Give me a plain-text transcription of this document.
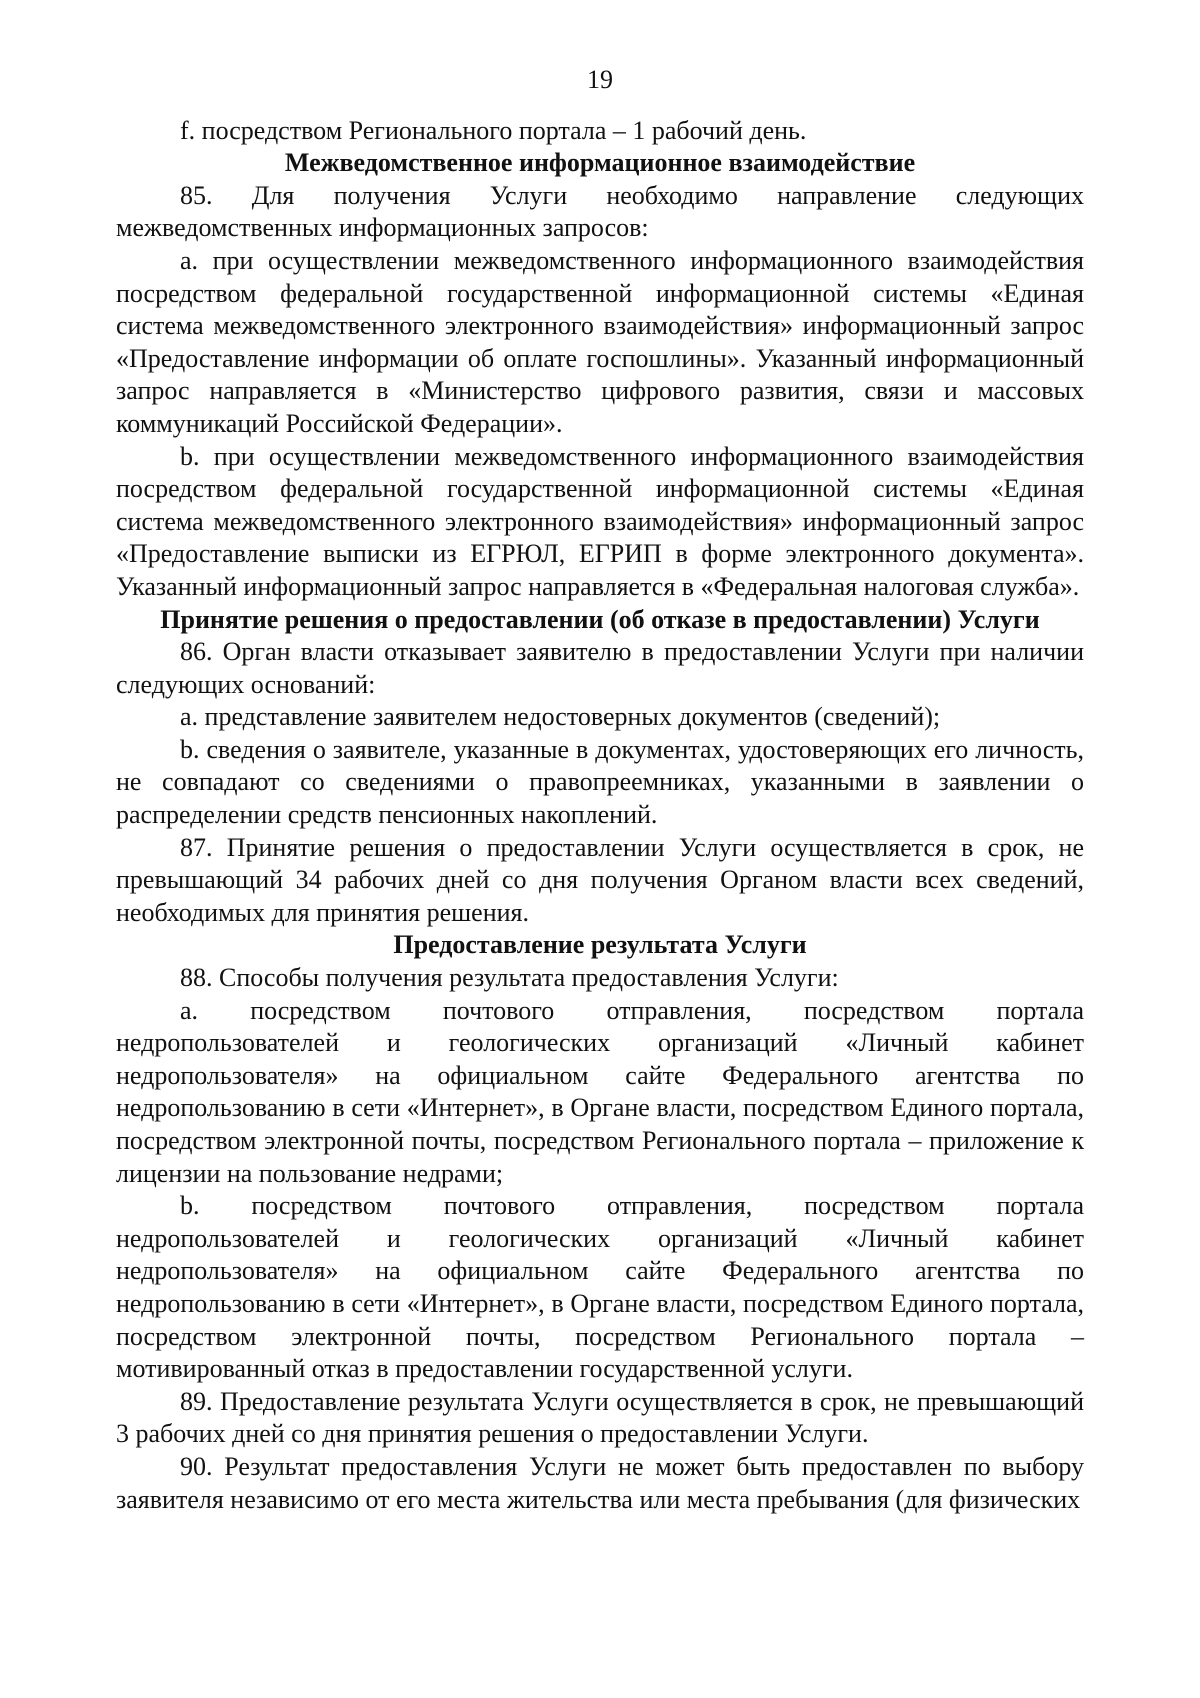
19

f. посредством Регионального портала – 1 рабочий день.

Межведомственное информационное взаимодействие

85. Для получения Услуги необходимо направление следующих межведомственных информационных запросов:

a. при осуществлении межведомственного информационного взаимодействия посредством федеральной государственной информационной системы «Единая система межведомственного электронного взаимодействия» информационный запрос «Предоставление информации об оплате госпошлины». Указанный информационный запрос направляется в «Министерство цифрового развития, связи и массовых коммуникаций Российской Федерации».

b. при осуществлении межведомственного информационного взаимодействия посредством федеральной государственной информационной системы «Единая система межведомственного электронного взаимодействия» информационный запрос «Предоставление выписки из ЕГРЮЛ, ЕГРИП в форме электронного документа». Указанный информационный запрос направляется в «Федеральная налоговая служба».

Принятие решения о предоставлении (об отказе в предоставлении) Услуги

86. Орган власти отказывает заявителю в предоставлении Услуги при наличии следующих оснований:

a. представление заявителем недостоверных документов (сведений);

b. сведения о заявителе, указанные в документах, удостоверяющих его личность, не совпадают со сведениями о правопреемниках, указанными в заявлении о распределении средств пенсионных накоплений.

87. Принятие решения о предоставлении Услуги осуществляется в срок, не превышающий 34 рабочих дней со дня получения Органом власти всех сведений, необходимых для принятия решения.

Предоставление результата Услуги

88. Способы получения результата предоставления Услуги:

a. посредством почтового отправления, посредством портала недропользователей и геологических организаций «Личный кабинет недропользователя» на официальном сайте Федерального агентства по недропользованию в сети «Интернет», в Органе власти, посредством Единого портала, посредством электронной почты, посредством Регионального портала – приложение к лицензии на пользование недрами;

b. посредством почтового отправления, посредством портала недропользователей и геологических организаций «Личный кабинет недропользователя» на официальном сайте Федерального агентства по недропользованию в сети «Интернет», в Органе власти, посредством Единого портала, посредством электронной почты, посредством Регионального портала – мотивированный отказ в предоставлении государственной услуги.

89. Предоставление результата Услуги осуществляется в срок, не превышающий 3 рабочих дней со дня принятия решения о предоставлении Услуги.

90. Результат предоставления Услуги не может быть предоставлен по выбору заявителя независимо от его места жительства или места пребывания (для физических
